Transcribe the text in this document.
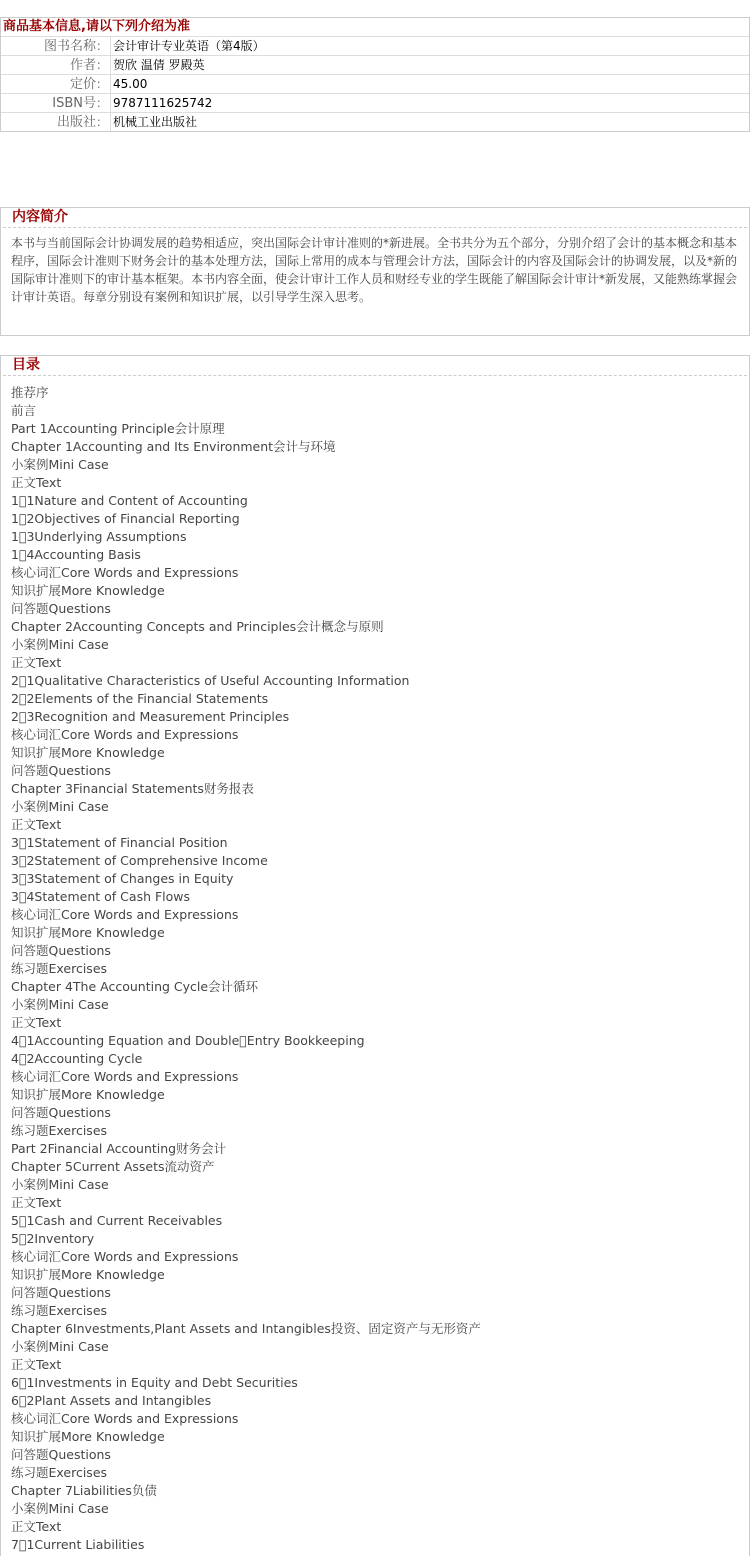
商品基本信息,请以下列介绍为准
图书名称： 会计审计专业英语（第4版）
作者： 贺欣 温倩 罗殿英
定价： 45.00
ISBN号： 9787111625742
出版社： 机械工业出版社
内容简介

本书与当前国际会计协调发展的趋势相适应，突出国际会计审计准则的*新进展。全书共分为五个部分，分别介绍了会计的基本概念和基本程序，国际会计准则下财务会计的基本处理方法，国际上常用的成本与管理会计方法，国际会计的内容及国际会计的协调发展，以及*新的国际审计准则下的审计基本框架。本书内容全面，使会计审计工作人员和财经专业的学生既能了解国际会计审计*新发展，又能熟练掌握会计审计英语。每章分别设有案例和知识扩展，以引导学生深入思考。

目录
推荐序
前言
Part 1Accounting Principle会计原理
Chapter 1Accounting and Its Environment会计与环境
小案例Mini Case
正文Text
1􀃱1Nature and Content of Accounting
1􀃱2Objectives of Financial Reporting
1􀃱3Underlying Assumptions
1􀃱4Accounting Basis
核心词汇Core Words and Expressions
知识扩展More Knowledge
问答题Questions
Chapter 2Accounting Concepts and Principles会计概念与原则
小案例Mini Case
正文Text
2􀃱1Qualitative Characteristics of Useful Accounting Information
2􀃱2Elements of the Financial Statements
2􀃱3Recognition and Measurement Principles
核心词汇Core Words and Expressions
知识扩展More Knowledge
问答题Questions
Chapter 3Financial Statements财务报表
小案例Mini Case
正文Text
3􀃱1Statement of Financial Position
3􀃱2Statement of Comprehensive Income
3􀃱3Statement of Changes in Equity
3􀃱4Statement of Cash Flows
核心词汇Core Words and Expressions
知识扩展More Knowledge
问答题Questions
练习题Exercises
Chapter 4The Accounting Cycle会计循环
小案例Mini Case
正文Text
4􀃱1Accounting Equation and Double􀃲Entry Bookkeeping
4􀃱2Accounting Cycle
核心词汇Core Words and Expressions
知识扩展More Knowledge
问答题Questions
练习题Exercises
Part 2Financial Accounting财务会计
Chapter 5Current Assets流动资产
小案例Mini Case
正文Text
5􀃱1Cash and Current Receivables
5􀃱2Inventory
核心词汇Core Words and Expressions
知识扩展More Knowledge
问答题Questions
练习题Exercises
Chapter 6Investments,Plant Assets and Intangibles投资、固定资产与无形资产
小案例Mini Case
正文Text
6􀃱1Investments in Equity and Debt Securities
6􀃱2Plant Assets and Intangibles
核心词汇Core Words and Expressions
知识扩展More Knowledge
问答题Questions
练习题Exercises
Chapter 7Liabilities负债
小案例Mini Case
正文Text
7􀃱1Current Liabilities
